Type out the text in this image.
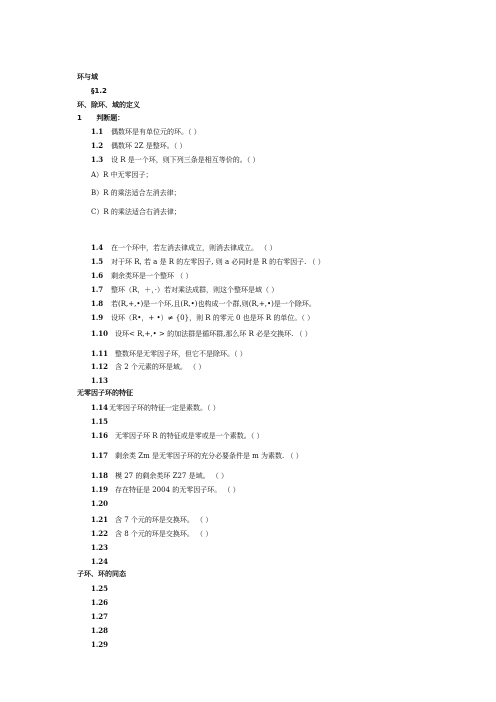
环与域
§1.2
环、除环、域的定义
1 判断题：
1.1 偶数环是有单位元的环。（ ）
1.2 偶数环 2Z 是整环。（ ）
1.3 设 R 是一个环，则下列三条是相互等价的。（ ）
A）R 中无零因子；
B）R 的乘法适合左消去律；
C）R 的乘法适合右消去律；
1.4 在一个环中，若左消去律成立，则消去律成立。 （ ）
1.5 对于环 R, 若 a 是 R 的左零因子, 则 a 必同时是 R 的右零因子. （ ）
1.6 剩余类环是一个整环 （ ）
1.7 整环（R，＋，·）若对乘法成群，则这个整环是域（ ）
1.8 若(R,+,•)是一个环,且(R,•)也构成一个群,则(R,+,•)是一个除环。
1.9 设环（R•，+ •）≠ {0}，则 R 的零元 0 也是环 R 的单位。（ ）
1.10 设环< R,+,• > 的加法群是循环群,那么环 R 必是交换环. （ ）
1.11 整数环是无零因子环，但它不是除环。（ ）
1.12 含 2 个元素的环是域。 （ ）
1.13
无零因子环的特征
1.14无零因子环的特征一定是素数。（ ）
1.15
1.16 无零因子环 R 的特征或是零或是一个素数。（ ）
1.17 剩余类 Zm 是无零因子环的充分必要条件是 m 为素数. （ ）
1.18 模 27 的剩余类环 Z27 是域。 （ ）
1.19 存在特征是 2004 的无零因子环。 （ ）
1.20
1.21 含 7 个元的环是交换环。 （ ）
1.22 含 8 个元的环是交换环。 （ ）
1.23
1.24
子环、环的同态
1.25
1.26
1.27
1.28
1.29
